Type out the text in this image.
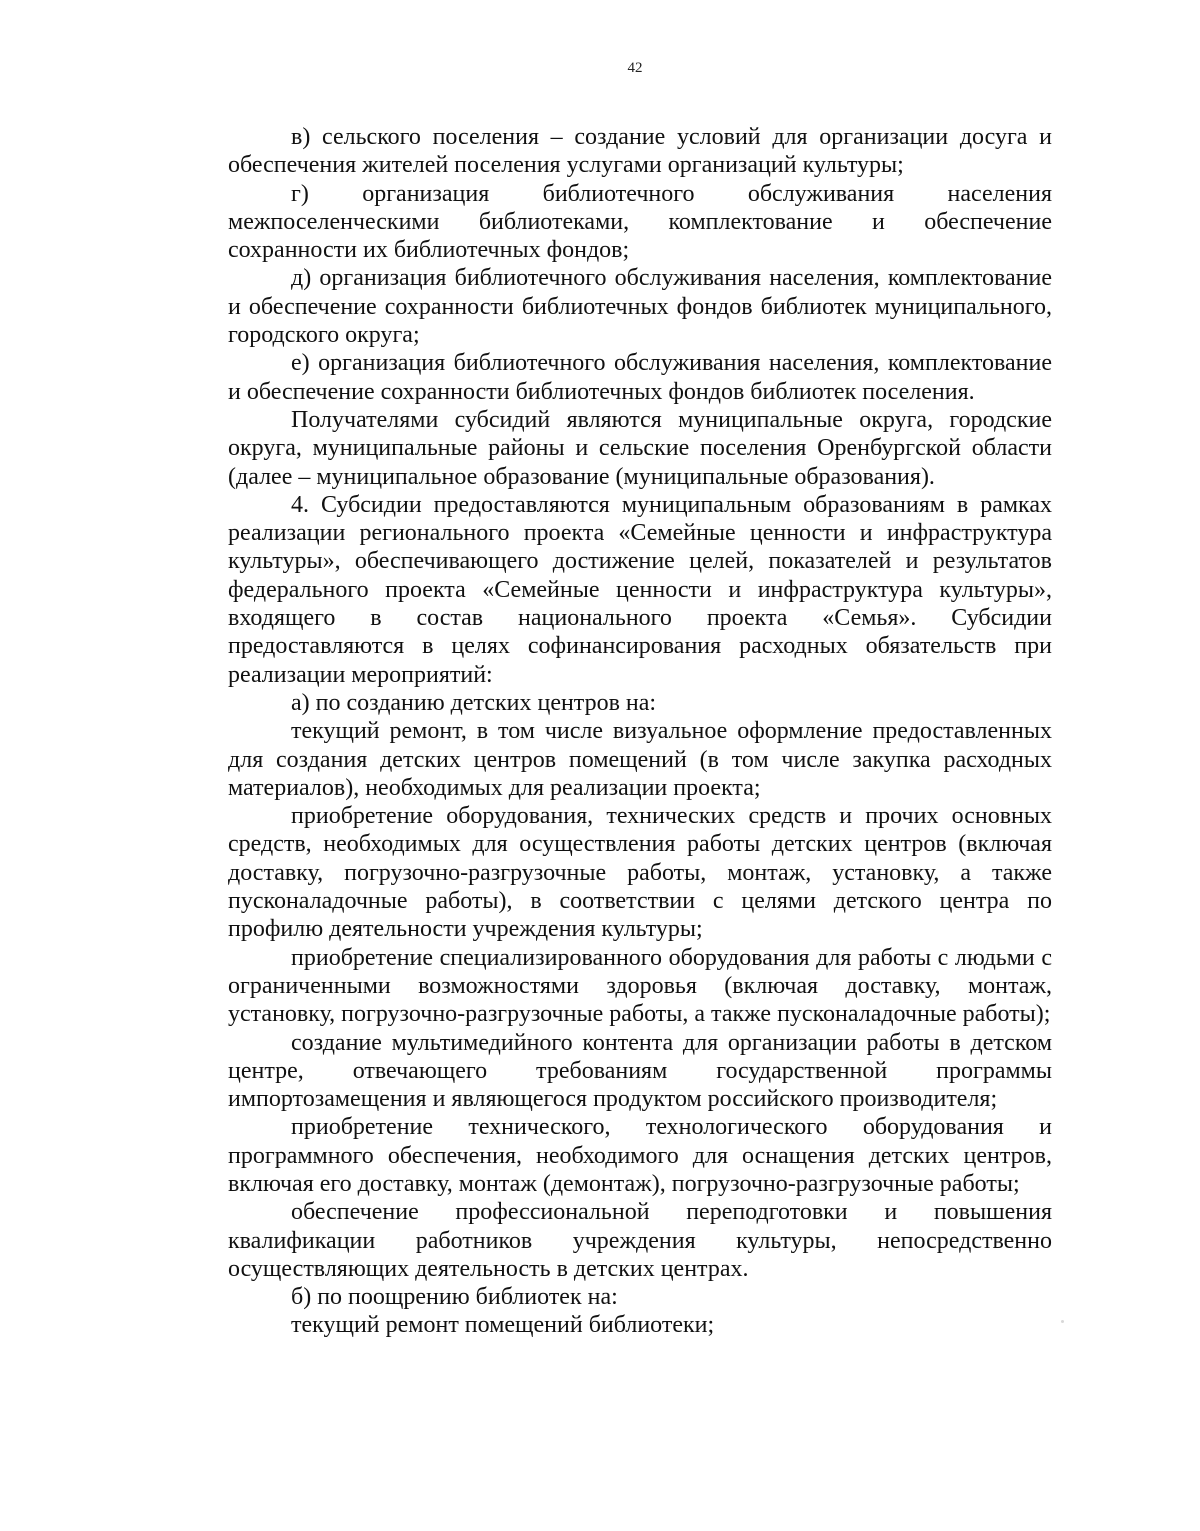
42

в) сельского поселения – создание условий для организации досуга и обеспечения жителей поселения услугами организаций культуры;

г) организация библиотечного обслуживания населения межпоселенческими библиотеками, комплектование и обеспечение сохранности их библиотечных фондов;

д) организация библиотечного обслуживания населения, комплектование и обеспечение сохранности библиотечных фондов библиотек муниципального, городского округа;

е) организация библиотечного обслуживания населения, комплектование и обеспечение сохранности библиотечных фондов библиотек поселения.

Получателями субсидий являются муниципальные округа, городские округа, муниципальные районы и сельские поселения Оренбургской области (далее – муниципальное образование (муниципальные образования).

4. Субсидии предоставляются муниципальным образованиям в рамках реализации регионального проекта «Семейные ценности и инфраструктура культуры», обеспечивающего достижение целей, показателей и результатов федерального проекта «Семейные ценности и инфраструктура культуры», входящего в состав национального проекта «Семья». Субсидии предоставляются в целях софинансирования расходных обязательств при реализации мероприятий:

а) по созданию детских центров на:

текущий ремонт, в том числе визуальное оформление предоставленных для создания детских центров помещений (в том числе закупка расходных материалов), необходимых для реализации проекта;

приобретение оборудования, технических средств и прочих основных средств, необходимых для осуществления работы детских центров (включая доставку, погрузочно-разгрузочные работы, монтаж, установку, а также пусконаладочные работы), в соответствии с целями детского центра по профилю деятельности учреждения культуры;

приобретение специализированного оборудования для работы с людьми с ограниченными возможностями здоровья (включая доставку, монтаж, установку, погрузочно-разгрузочные работы, а также пусконаладочные работы);

создание мультимедийного контента для организации работы в детском центре, отвечающего требованиям государственной программы импортозамещения и являющегося продуктом российского производителя;

приобретение технического, технологического оборудования и программного обеспечения, необходимого для оснащения детских центров, включая его доставку, монтаж (демонтаж), погрузочно-разгрузочные работы;

обеспечение профессиональной переподготовки и повышения квалификации работников учреждения культуры, непосредственно осуществляющих деятельность в детских центрах.

б) по поощрению библиотек на:

текущий ремонт помещений библиотеки;
